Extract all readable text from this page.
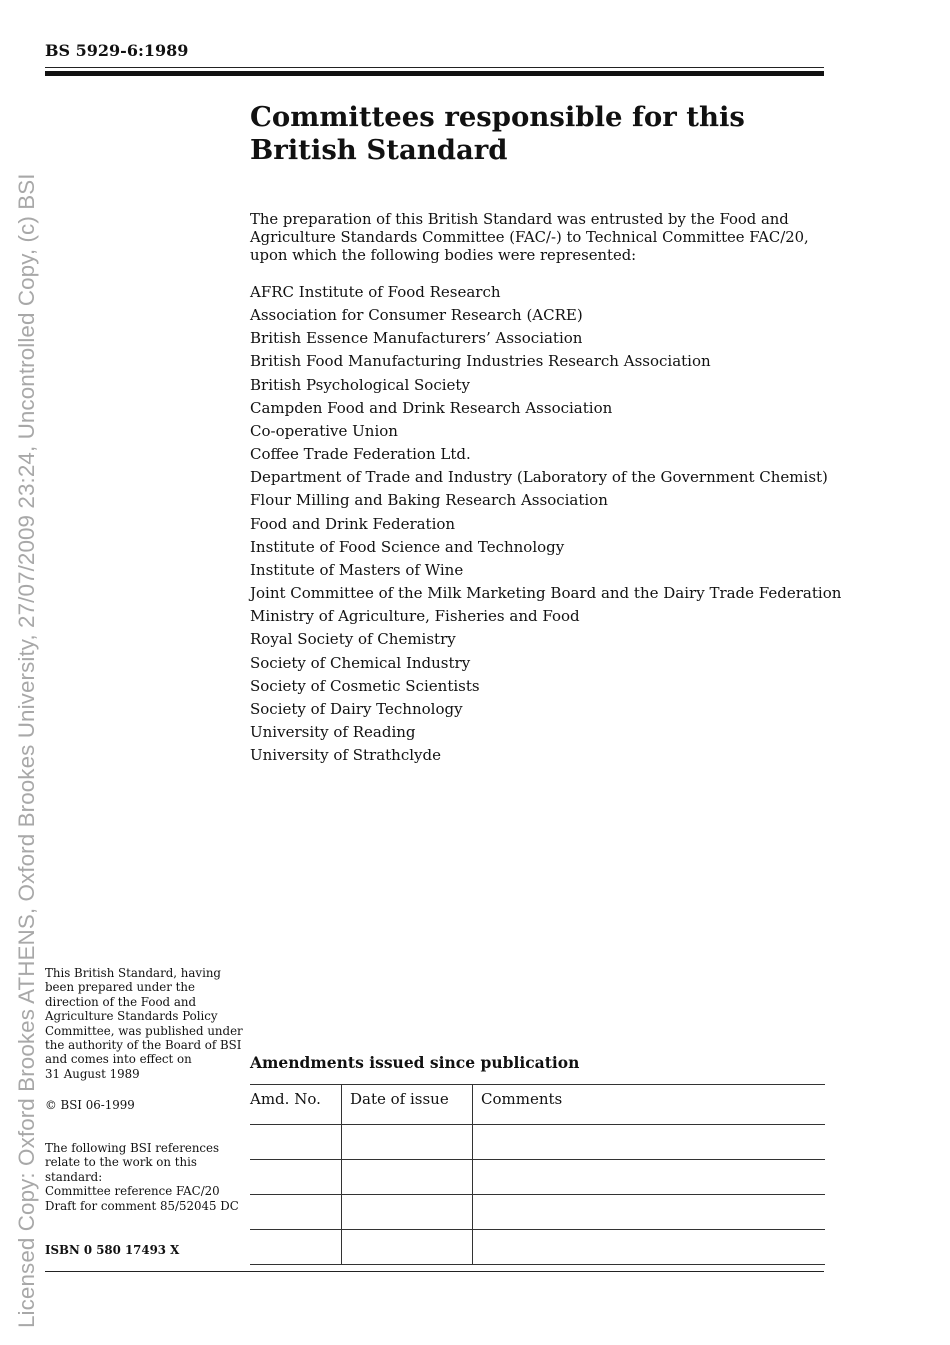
Licensed Copy: Oxford Brookes ATHENS, Oxford Brookes University, 27/07/2009 23:24, Uncontrolled Copy, (c) BSI
BS 5929-6:1989
Committees responsible for this
British Standard

The preparation of this British Standard was entrusted by the Food and Agriculture Standards Committee (FAC/-) to Technical Committee FAC/20, upon which the following bodies were represented:

AFRC Institute of Food Research
Association for Consumer Research (ACRE)
British Essence Manufacturers’ Association
British Food Manufacturing Industries Research Association
British Psychological Society
Campden Food and Drink Research Association
Co-operative Union
Coffee Trade Federation Ltd.
Department of Trade and Industry (Laboratory of the Government Chemist)
Flour Milling and Baking Research Association
Food and Drink Federation
Institute of Food Science and Technology
Institute of Masters of Wine
Joint Committee of the Milk Marketing Board and the Dairy Trade Federation
Ministry of Agriculture, Fisheries and Food
Royal Society of Chemistry
Society of Chemical Industry
Society of Cosmetic Scientists
Society of Dairy Technology
University of Reading
University of Strathclyde
This British Standard, having
been prepared under the
direction of the Food and
Agriculture Standards Policy
Committee, was published under
the authority of the Board of BSI
and comes into effect on
31 August 1989
© BSI 06-1999
The following BSI references
relate to the work on this
standard:
Committee reference FAC/20
Draft for comment 85/52045 DC
ISBN 0 580 17493 X
Amendments issued since publication
Amd. No.	Date of issue	Comments
